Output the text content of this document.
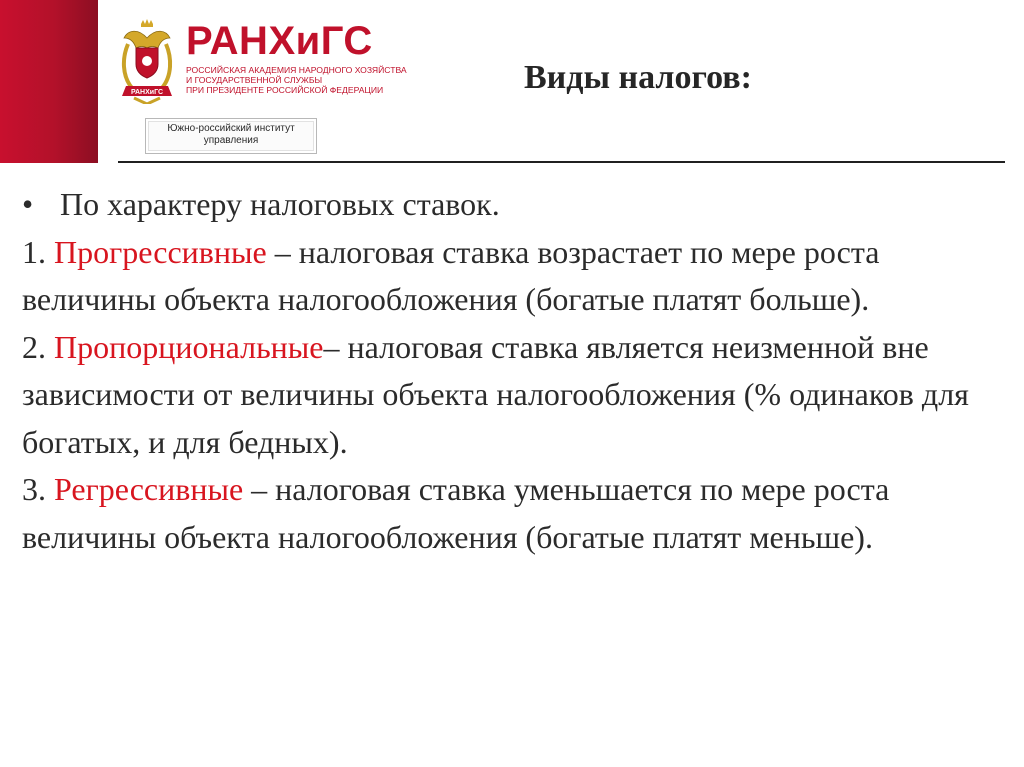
РАНХиГС
РАНХиГС
РОССИЙСКАЯ АКАДЕМИЯ НАРОДНОГО ХОЗЯЙСТВА
И ГОСУДАРСТВЕННОЙ СЛУЖБЫ
ПРИ ПРЕЗИДЕНТЕ РОССИЙСКОЙ ФЕДЕРАЦИИ
Южно-российский институт
управления
Виды налогов:

• По характеру налоговых ставок.

1. Прогрессивные – налоговая ставка возрастает по мере роста величины объекта налогообложения (богатые платят больше).

2. Пропорциональные– налоговая ставка является неизменной вне зависимости от величины объекта налогообложения (% одинаков для богатых, и для бедных).

3. Регрессивные – налоговая ставка уменьшается по мере роста величины объекта налогообложения (богатые платят меньше).
